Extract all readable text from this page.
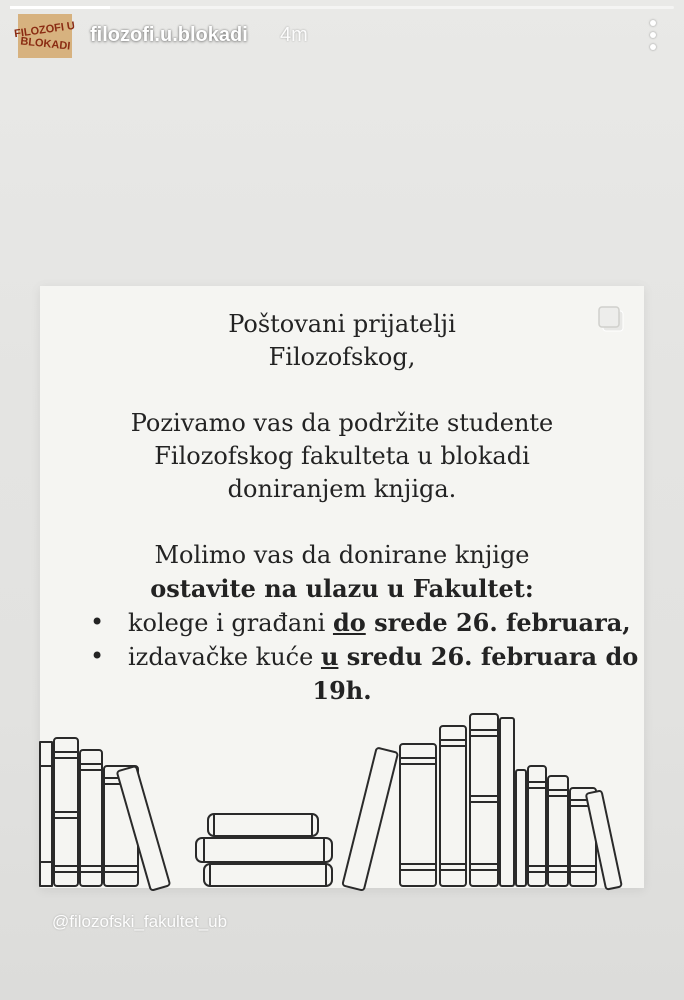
FILOZOFI U
BLOKADI filozofi.u.blokadi 4m
Poštovani prijatelji
Filozofskog,
Pozivamo vas da podržite studente
Filozofskog fakulteta u blokadi
doniranjem knjiga.
Molimo vas da donirane knjige
ostavite na ulazu u Fakultet:
• kolege i građani do srede 26. februara,
• izdavačke kuće u sredu 26. februara do
19h.
@filozofski_fakultet_ub
